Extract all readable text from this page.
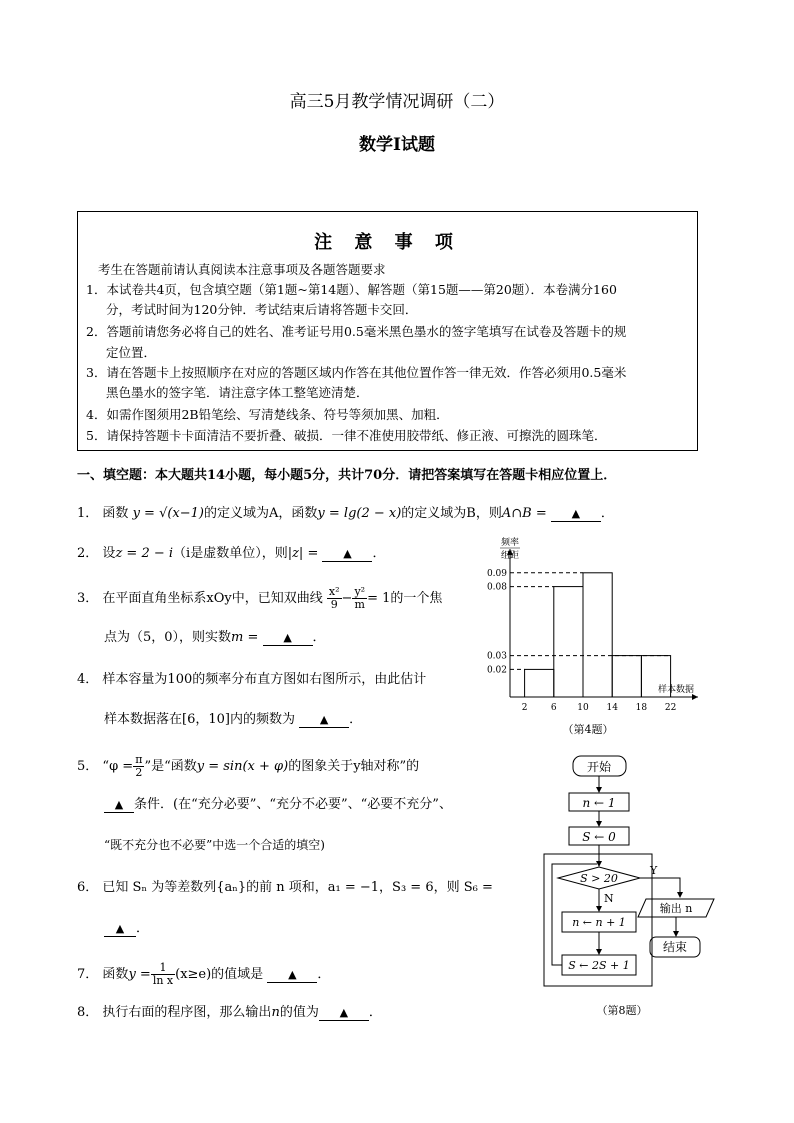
高三5月教学情况调研（二）
数学Ⅰ试题
注 意 事 项
考生在答题前请认真阅读本注意事项及各题答题要求
1．本试卷共4页，包含填空题（第1题~第14题）、解答题（第15题——第20题）．本卷满分160
分，考试时间为120分钟．考试结束后请将答题卡交回．
2．答题前请您务必将自己的姓名、准考证号用0.5毫米黑色墨水的签字笔填写在试卷及答题卡的规
定位置．
3．请在答题卡上按照顺序在对应的答题区域内作答在其他位置作答一律无效．作答必须用0.5毫米
黑色墨水的签字笔．请注意字体工整笔迹清楚．
4．如需作图须用2B铅笔绘、写清楚线条、符号等须加黑、加粗．
5．请保持答题卡卡面清洁不要折叠、破损．一律不准使用胶带纸、修正液、可擦洗的圆珠笔．
一、填空题：本大题共14小题，每小题5分，共计70分．请把答案填写在答题卡相应位置上．
1． 函数 y = √(x−1)的定义域为A，函数y = lg(2 − x)的定义域为B，则A∩B = ▲ ．
2． 设z = 2 − i（i是虚数单位），则|z| = ▲ ．
3． 在平面直角坐标系xOy中，已知双曲线 $\frac{\text{x²}}{9} - \frac{\text{y²}}{m} = 1$的一个焦
点为（5，0），则实数m = ▲ ．
4． 样本容量为100的频率分布直方图如右图所示，由此估计
样本数据落在[6，10]内的频数为 ▲ ．
5． “$\varphi = \frac{\pi}{2}$ ”是“函数y = sin(x + φ)的图象关于y轴对称”的
▲ 条件．(在“充分必要”、“充分不必要”、“必要不充分”、
“既不充分也不必要”中选一个合适的填空)
6． 已知 Sₙ 为等差数列{aₙ}的前 n 项和，a₁ = −1，S₃ = 6，则 S₆ =
▲ ．
7． 函数$y = \frac{1}{\text{ln x}} (x\ge e)$的值域是 ▲ ．
8． 执行右面的程序图，那么输出n的值为 ▲ ．
频率
组距
样本数据
0.02
0.03
0.08
0.09
2	6 10 14 18 22
（第4题）
开始
n ← 1
S ← 0
S > 20
Y
N
输出 n
结束
n ← n + 1
S ← 2S + 1
（第8题）
